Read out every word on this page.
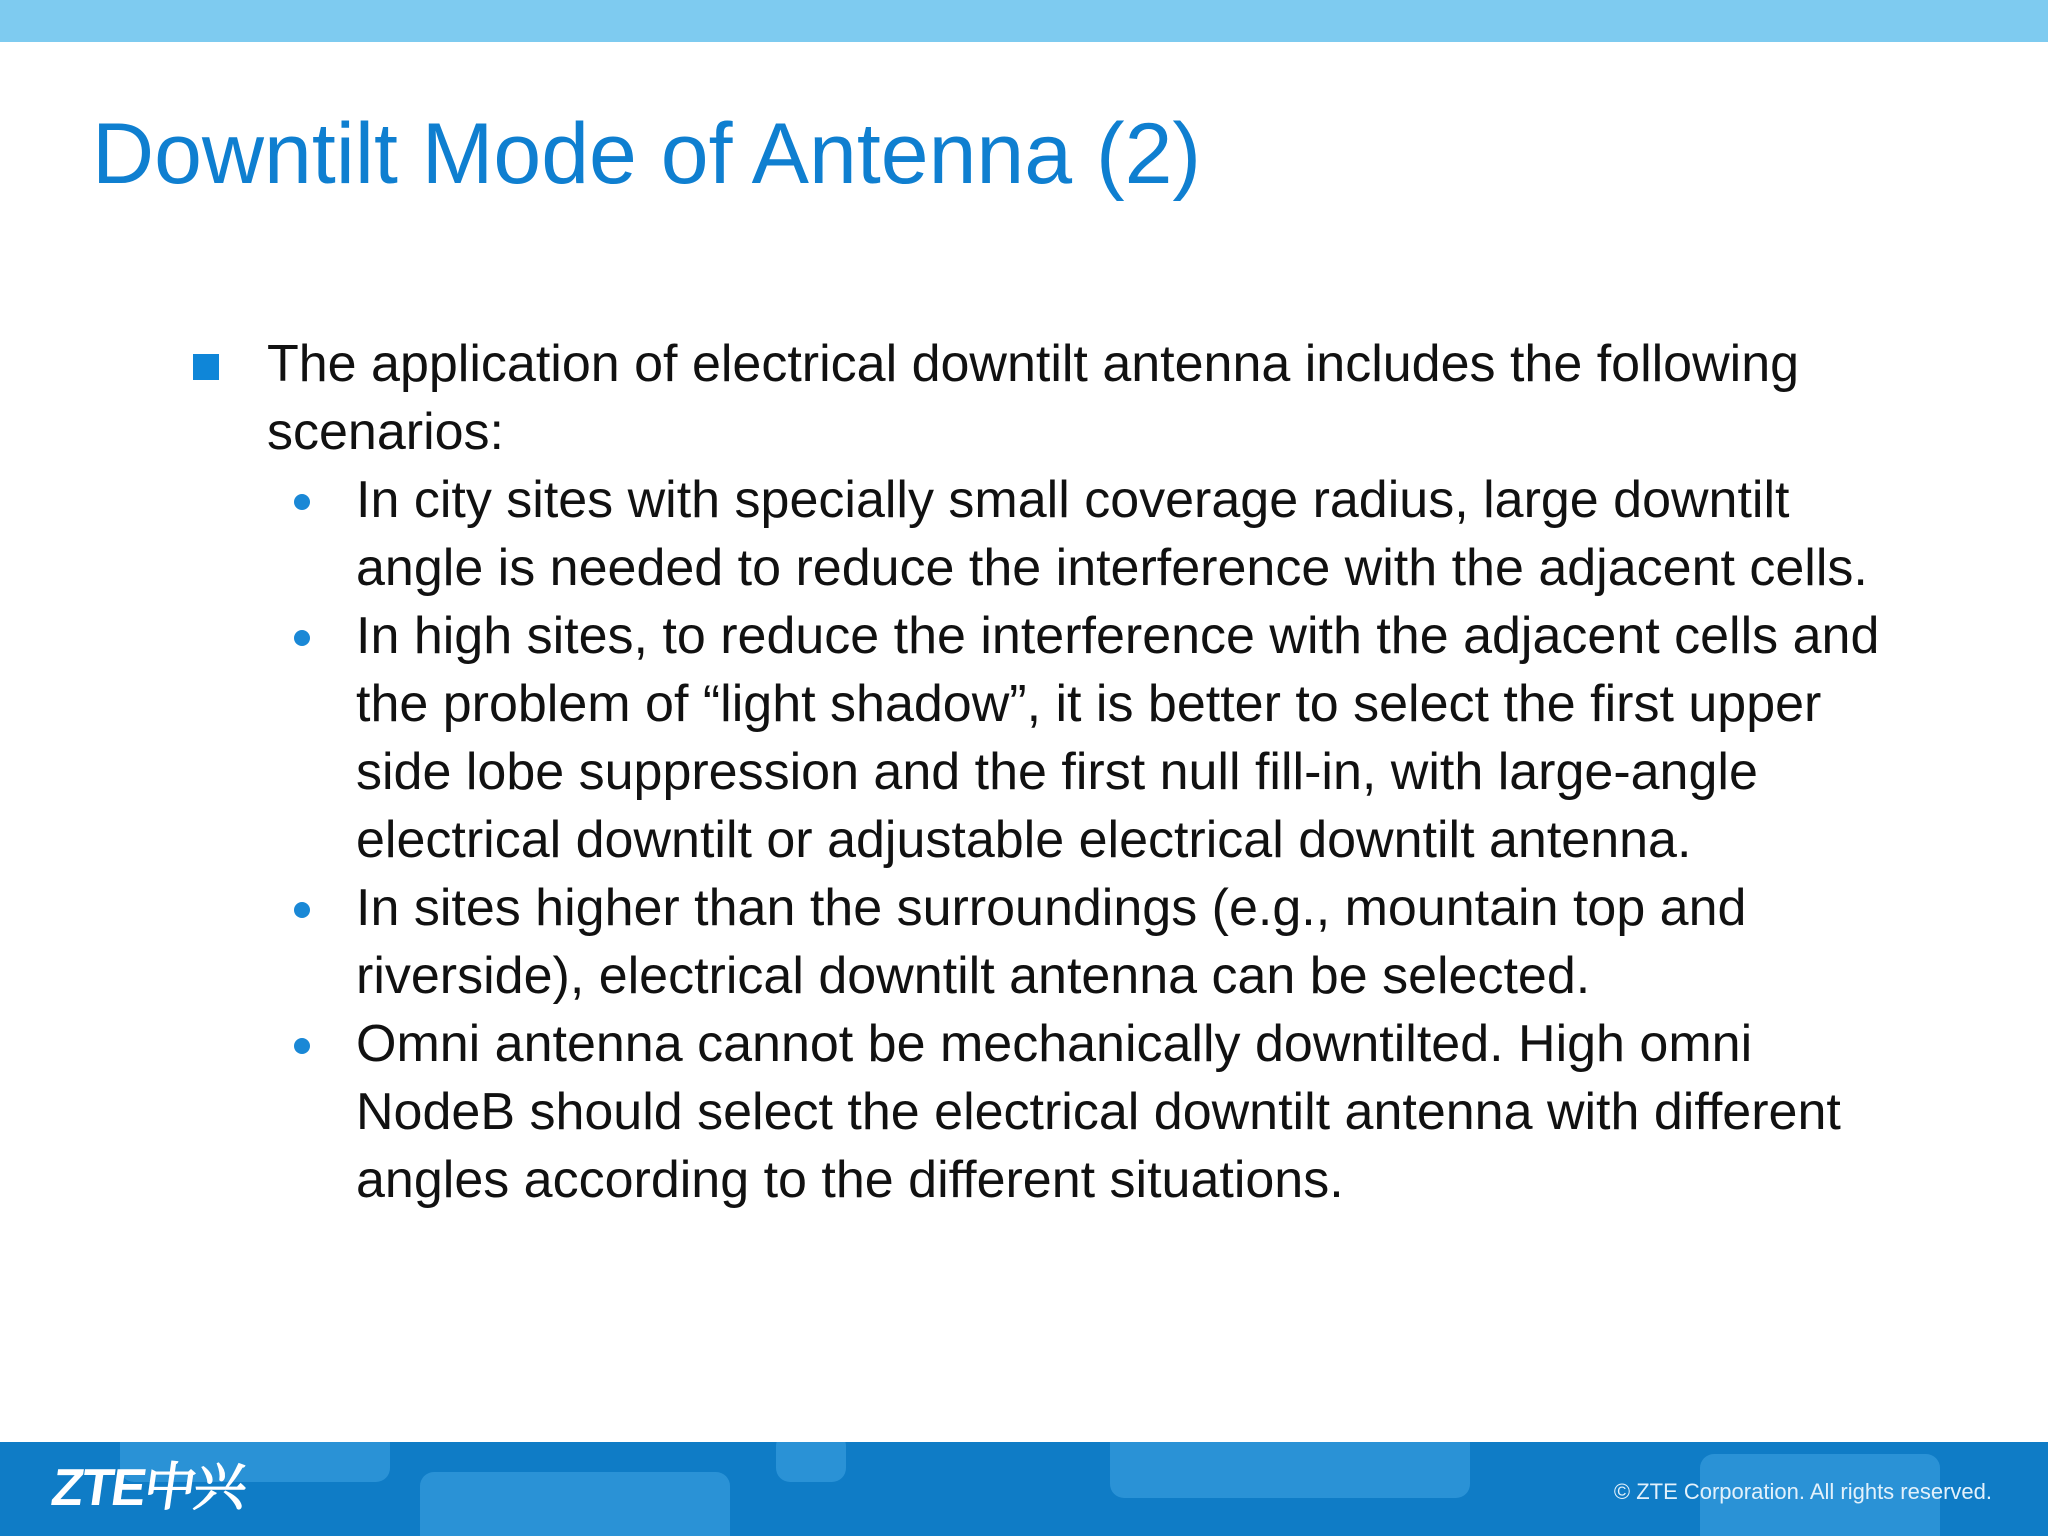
Downtilt Mode of Antenna (2)
The application of electrical downtilt antenna includes the following scenarios:
In city sites with specially small coverage radius, large downtilt angle is needed to reduce the interference with the adjacent cells.
In high sites, to reduce the interference with the adjacent cells and the problem of “light shadow”, it is better to select the first upper side lobe suppression and the first null fill-in, with large-angle electrical downtilt or adjustable electrical downtilt antenna.
In sites higher than the surroundings (e.g., mountain top and riverside), electrical downtilt antenna can be selected.
Omni antenna cannot be mechanically downtilted. High omni NodeB should select the electrical downtilt antenna with different angles according to the different situations.
ZTE中兴	© ZTE Corporation. All rights reserved.
